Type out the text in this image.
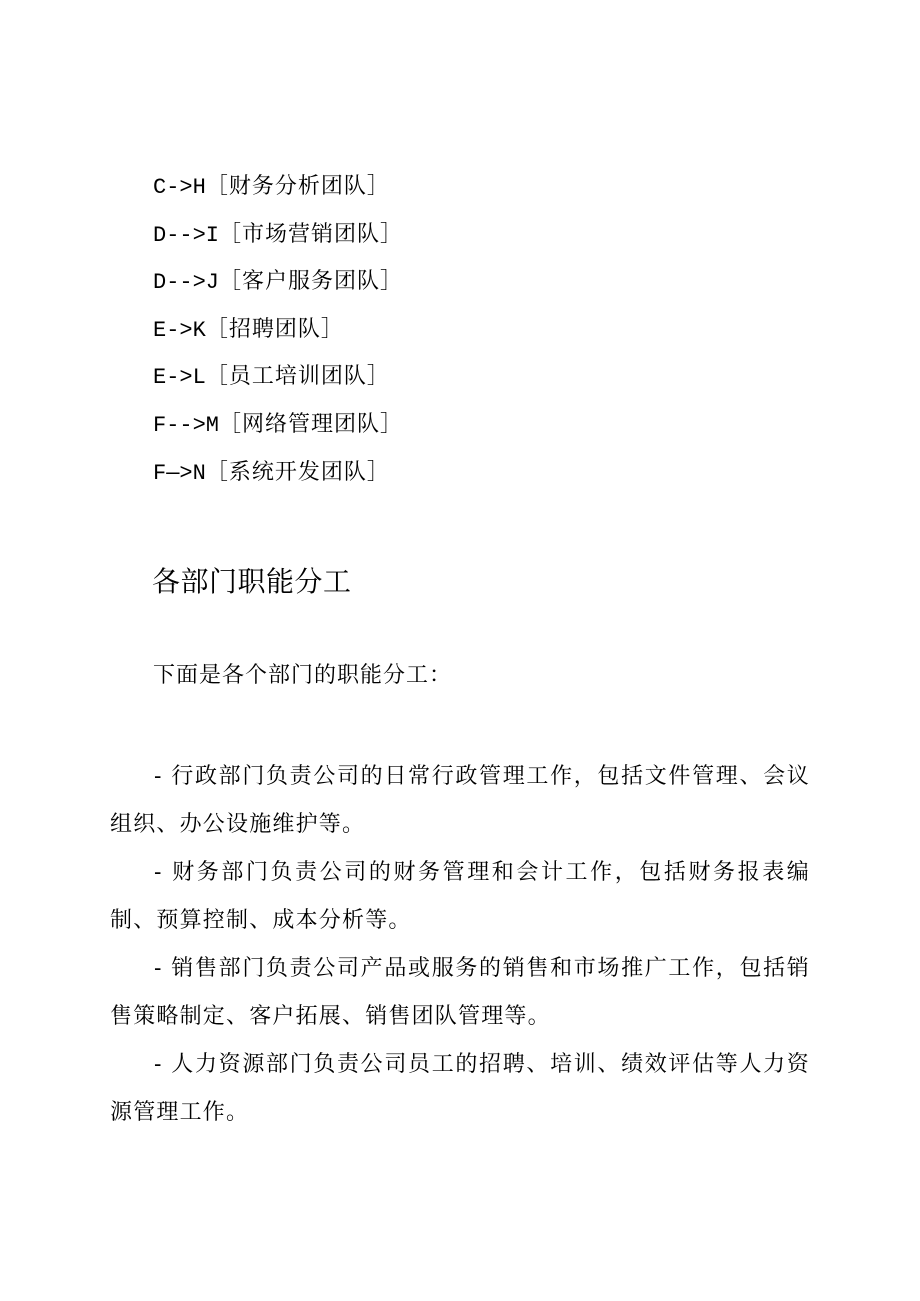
C->H［财务分析团队］
D-->I［市场营销团队］
D-->J［客户服务团队］
E->K［招聘团队］
E->L［员工培训团队］
F-->M［网络管理团队］
F—>N［系统开发团队］
各部门职能分工

下面是各个部门的职能分工：

- 行政部门负责公司的日常行政管理工作，包括文件管理、会议组织、办公设施维护等。

- 财务部门负责公司的财务管理和会计工作，包括财务报表编制、预算控制、成本分析等。

- 销售部门负责公司产品或服务的销售和市场推广工作，包括销售策略制定、客户拓展、销售团队管理等。

- 人力资源部门负责公司员工的招聘、培训、绩效评估等人力资源管理工作。
